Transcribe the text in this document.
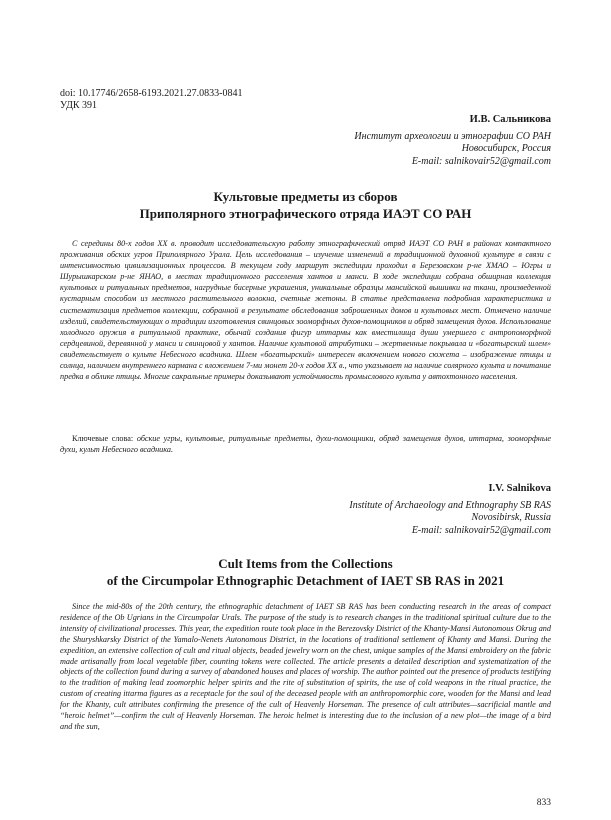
doi: 10.17746/2658-6193.2021.27.0833-0841
УДК 391
И.В. Сальникова
Институт археологии и этнографии СО РАН
Новосибирск, Россия
E-mail: salnikovair52@gmail.com
Культовые предметы из сборов
Приполярного этнографического отряда ИАЭТ СО РАН
С середины 80-х годов XX в. проводит исследовательскую работу этнографический отряд ИАЭТ СО РАН в районах компактного проживания обских угров Приполярного Урала. Цель исследования – изучение изменений в традиционной духовной культуре в связи с интенсивностью цивилизационных процессов. В текущем году маршрут экспедиции проходил в Березовском р-не ХМАО – Югры и Шурышкарском р-не ЯНАО, в местах традиционного расселения хантов и манси. В ходе экспедиции собрана обширная коллекция культовых и ритуальных предметов, нагрудные бисерные украшения, уникальные образцы мансийской вышивки на ткани, произведенной кустарным способом из местного растительного волокна, счетные жетоны. В статье представлена подробная характеристика и систематизация предметов коллекции, собранной в результате обследования заброшенных домов и культовых мест. Отмечено наличие изделий, свидетельствующих о традиции изготовления свинцовых зооморфных духов-помощников и обряд замещения духов. Использование холодного оружия в ритуальной практике, обычай создания фигур иттармы как вместилища души умершего с антропоморфной сердцевиной, деревянной у манси и свинцовой у хантов. Наличие культовой атрибутики – жертвенные покрывала и «богатырский шлем» свидетельствует о культе Небесного всадника. Шлем «богатырский» интересен включением нового сюжета – изображение птицы и солнца, наличием внутреннего кармана с вложением 7-ми монет 20-х годов XX в., что указывает на наличие солярного культа и почитание предка в облике птицы. Многие сакральные примеры доказывают устойчивость промыслового культа у автохтонного населения.
Ключевые слова: обские угры, культовые, ритуальные предметы, духи-помощники, обряд замещения духов, иттарма, зооморфные духи, культ Небесного всадника.
I.V. Salnikova
Institute of Archaeology and Ethnography SB RAS
Novosibirsk, Russia
E-mail: salnikovair52@gmail.com
Cult Items from the Collections
of the Circumpolar Ethnographic Detachment of IAET SB RAS in 2021
Since the mid-80s of the 20th century, the ethnographic detachment of IAET SB RAS has been conducting research in the areas of compact residence of the Ob Ugrians in the Circumpolar Urals. The purpose of the study is to research changes in the traditional spiritual culture due to the intensity of civilizational processes. This year, the expedition route took place in the Berezovsky District of the Khanty-Mansi Autonomous Okrug and the Shuryshkarsky District of the Yamalo-Nenets Autonomous District, in the locations of traditional settlement of Khanty and Mansi. During the expedition, an extensive collection of cult and ritual objects, beaded jewelry worn on the chest, unique samples of the Mansi embroidery on the fabric made artisanally from local vegetable fiber, counting tokens were collected. The article presents a detailed description and systematization of the objects of the collection found during a survey of abandoned houses and places of worship. The author pointed out the presence of products testifying to the tradition of making lead zoomorphic helper spirits and the rite of substitution of spirits, the use of cold weapons in the ritual practice, the custom of creating ittarma figures as a receptacle for the soul of the deceased people with an anthropomorphic core, wooden for the Mansi and lead for the Khanty, cult attributes confirming the presence of the cult of Heavenly Horseman. The presence of cult attributes—sacrificial mantle and “heroic helmet”—confirm the cult of Heavenly Horseman. The heroic helmet is interesting due to the inclusion of a new plot—the image of a bird and the sun,
833
